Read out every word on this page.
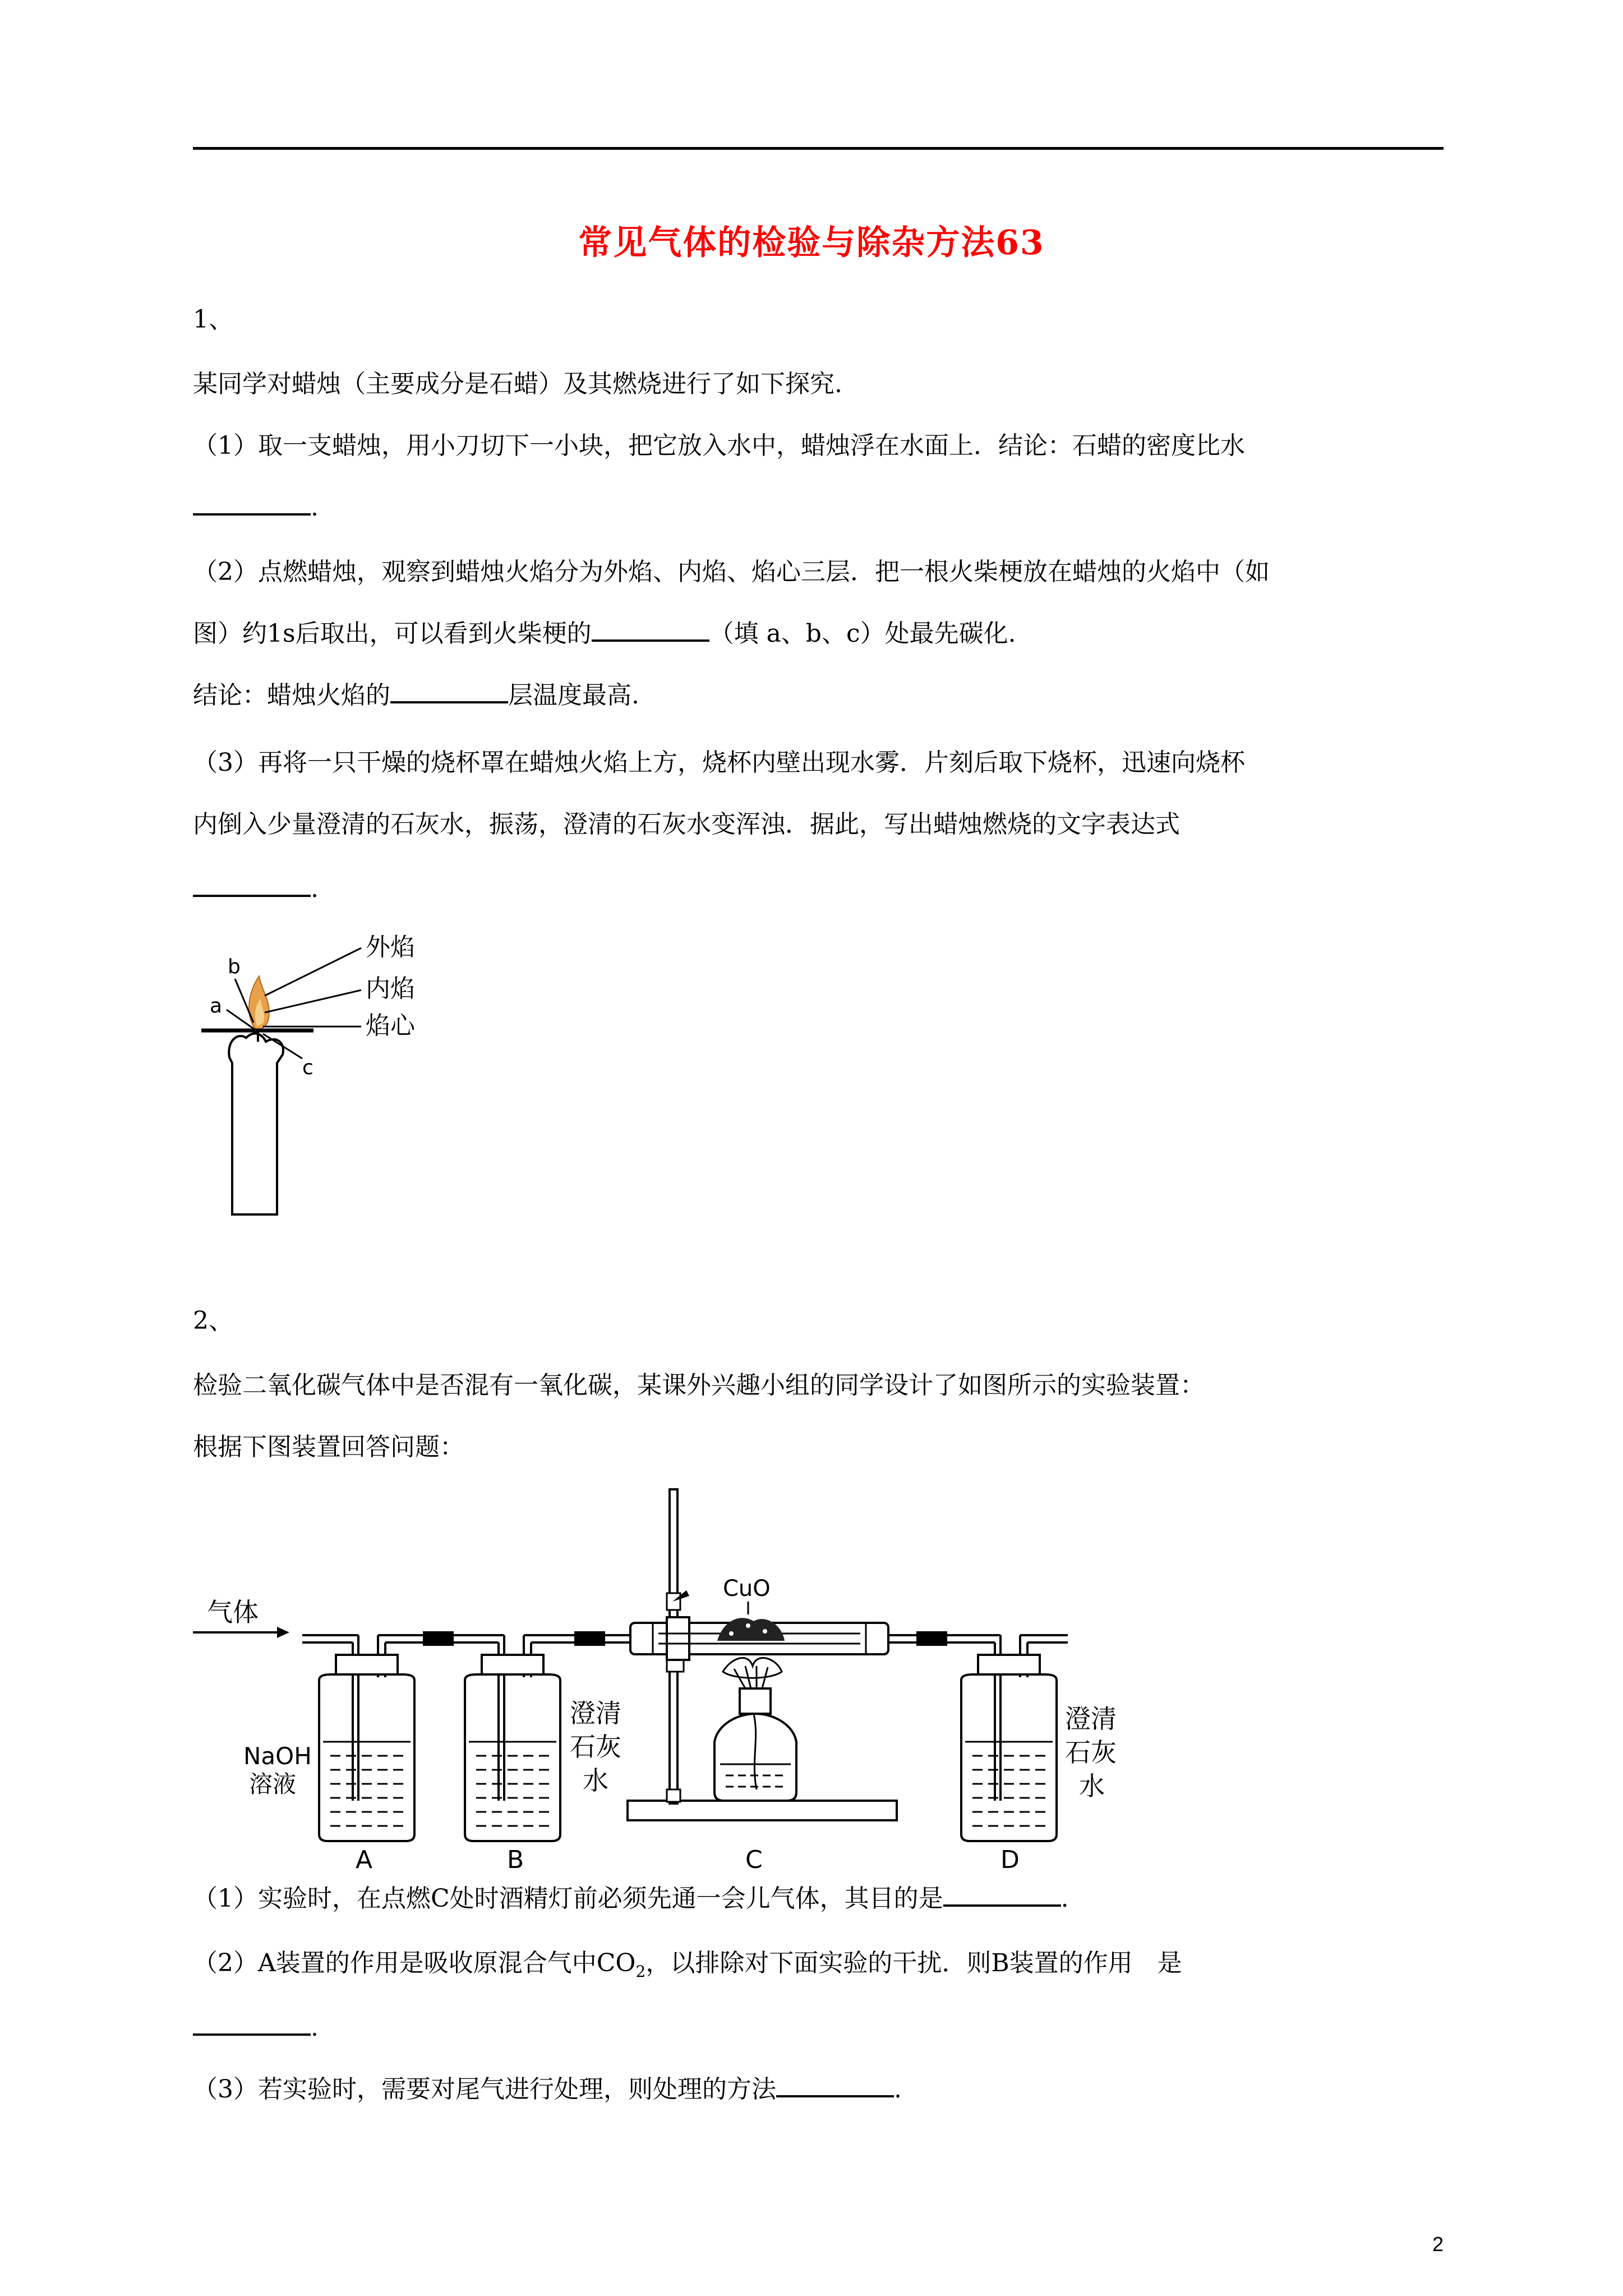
常见气体的检验与除杂方法63
1、
某同学对蜡烛（主要成分是石蜡）及其燃烧进行了如下探究.
（1）取一支蜡烛，用小刀切下一小块，把它放入水中，蜡烛浮在水面上．结论：石蜡的密度比水
.
（2）点燃蜡烛，观察到蜡烛火焰分为外焰、内焰、焰心三层．把一根火柴梗放在蜡烛的火焰中（如
图）约1s后取出，可以看到火柴梗的	（填 a、b、c）处最先碳化.
结论：蜡烛火焰的	层温度最高.
（3）再将一只干燥的烧杯罩在蜡烛火焰上方，烧杯内壁出现水雾．片刻后取下烧杯，迅速向烧杯
内倒入少量澄清的石灰水，振荡，澄清的石灰水变浑浊．据此，写出蜡烛燃烧的文字表达式
.
b
a
c
外焰
内焰
焰心
2、
检验二氧化碳气体中是否混有一氧化碳，某课外兴趣小组的同学设计了如图所示的实验装置：
根据下图装置回答问题：
气体
NaOH
溶液
A
澄清
石灰
水
B
CuO
C
澄清
石灰
水
D
（1）实验时，在点燃C处时酒精灯前必须先通一会儿气体，其目的是	.
（2）A装置的作用是吸收原混合气中$CO_2$，以排除对下面实验的干扰．则B装置的作用　是
.
（3）若实验时，需要对尾气进行处理，则处理的方法	.
2
